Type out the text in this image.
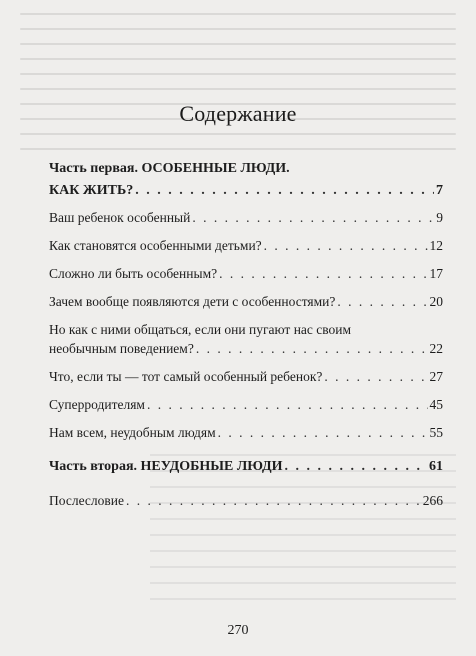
Содержание
Часть первая. ОСОБЕННЫЕ ЛЮДИ.
КАК ЖИТЬ? . . .	7
Ваш ребенок особенный . . .	9
Как становятся особенными детьми? . . .	12
Сложно ли быть особенным? . . .	17
Зачем вообще появляются дети с особенностями? . . .	20
Но как с ними общаться, если они пугают нас своим
необычным поведением? . . .	22
Что, если ты — тот самый особенный ребенок? . . .	27
Суперродителям . . .	45
Нам всем, неудобным людям . . .	55
Часть вторая. НЕУДОБНЫЕ ЛЮДИ . . .	61
Послесловие . . .	266
270
